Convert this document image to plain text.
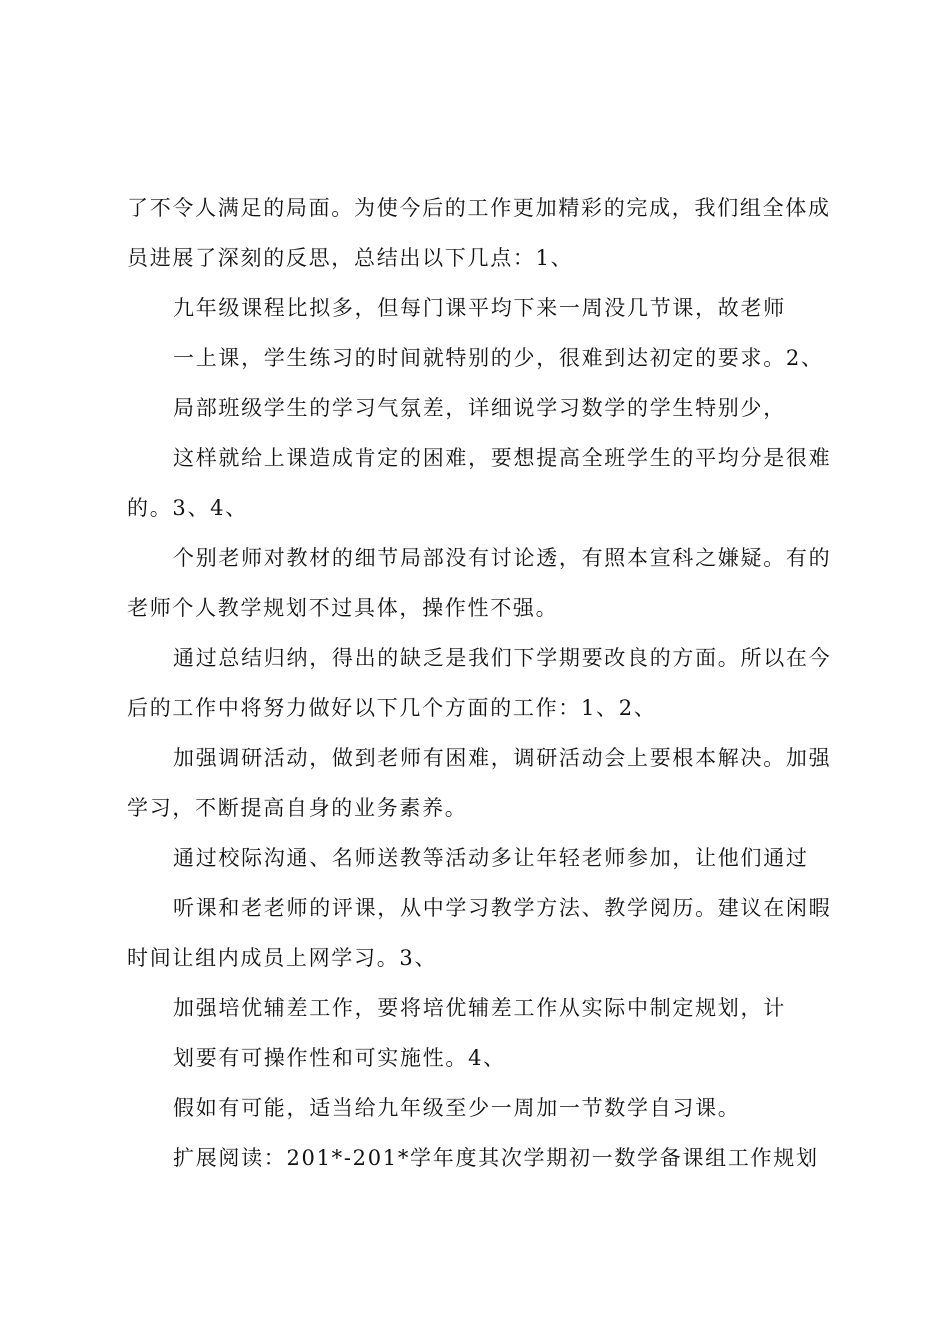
了不令人满足的局面。为使今后的工作更加精彩的完成，我们组全体成
员进展了深刻的反思，总结出以下几点：1、
九年级课程比拟多，但每门课平均下来一周没几节课，故老师
一上课，学生练习的时间就特别的少，很难到达初定的要求。2、
局部班级学生的学习气氛差，详细说学习数学的学生特别少，
这样就给上课造成肯定的困难，要想提高全班学生的平均分是很难
的。3、4、
个别老师对教材的细节局部没有讨论透，有照本宣科之嫌疑。有的
老师个人教学规划不过具体，操作性不强。
通过总结归纳，得出的缺乏是我们下学期要改良的方面。所以在今
后的工作中将努力做好以下几个方面的工作：1、2、
加强调研活动，做到老师有困难，调研活动会上要根本解决。加强
学习，不断提高自身的业务素养。
通过校际沟通、名师送教等活动多让年轻老师参加，让他们通过
听课和老老师的评课，从中学习教学方法、教学阅历。建议在闲暇
时间让组内成员上网学习。3、
加强培优辅差工作，要将培优辅差工作从实际中制定规划，计
划要有可操作性和可实施性。4、
假如有可能，适当给九年级至少一周加一节数学自习课。
扩展阅读：201*-201*学年度其次学期初一数学备课组工作规划
